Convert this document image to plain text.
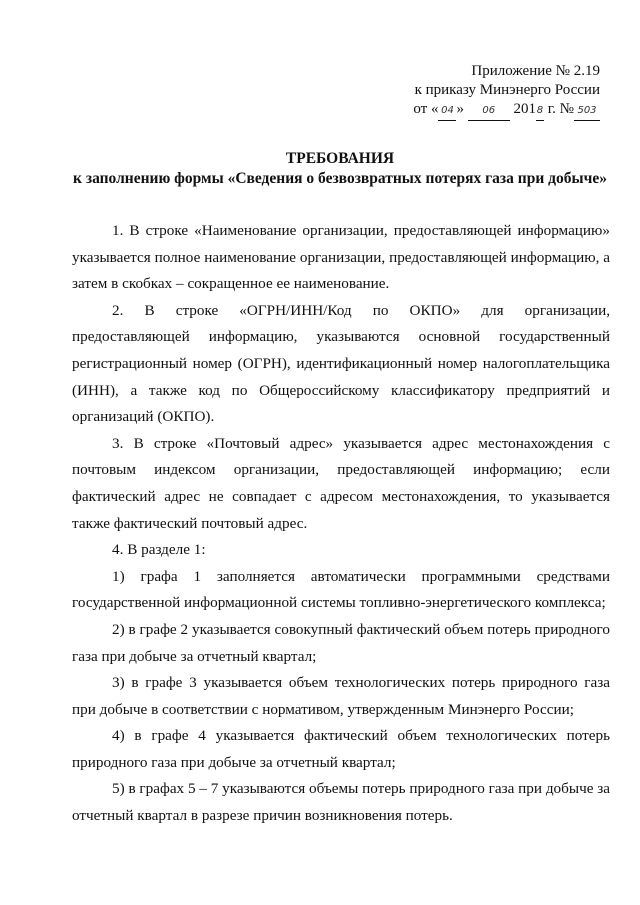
Приложение № 2.19
к приказу Минэнерго России
от « 04 » 06 2018 г. № 503
ТРЕБОВАНИЯ
к заполнению формы «Сведения о безвозвратных потерях газа при добыче»

1. В строке «Наименование организации, предоставляющей информацию» указывается полное наименование организации, предоставляющей информацию, а затем в скобках – сокращенное ее наименование.

2. В строке «ОГРН/ИНН/Код по ОКПО» для организации, предоставляющей информацию, указываются основной государственный регистрационный номер (ОГРН), идентификационный номер налогоплательщика (ИНН), а также код по Общероссийскому классификатору предприятий и организаций (ОКПО).

3. В строке «Почтовый адрес» указывается адрес местонахождения с почтовым индексом организации, предоставляющей информацию; если фактический адрес не совпадает с адресом местонахождения, то указывается также фактический почтовый адрес.

4. В разделе 1:

1) графа 1 заполняется автоматически программными средствами государственной информационной системы топливно-энергетического комплекса;

2) в графе 2 указывается совокупный фактический объем потерь природного газа при добыче за отчетный квартал;

3) в графе 3 указывается объем технологических потерь природного газа при добыче в соответствии с нормативом, утвержденным Минэнерго России;

4) в графе 4 указывается фактический объем технологических потерь природного газа при добыче за отчетный квартал;

5) в графах 5 – 7 указываются объемы потерь природного газа при добыче за отчетный квартал в разрезе причин возникновения потерь.
